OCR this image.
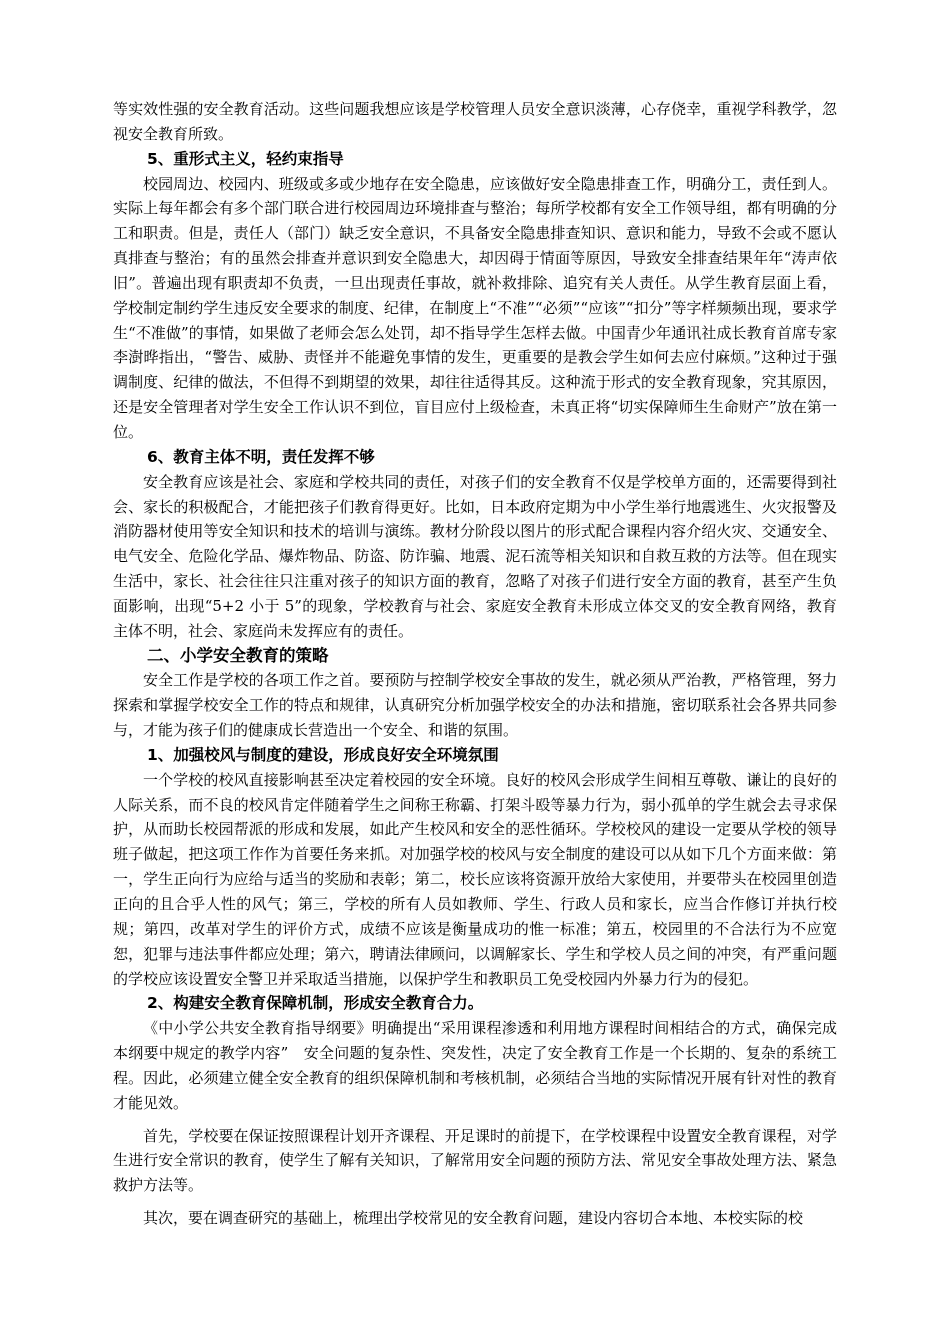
等实效性强的安全教育活动。这些问题我想应该是学校管理人员安全意识淡薄，心存侥幸，重视学科教学，忽视安全教育所致。

5、重形式主义，轻约束指导

校园周边、校园内、班级或多或少地存在安全隐患，应该做好安全隐患排查工作，明确分工，责任到人。实际上每年都会有多个部门联合进行校园周边环境排查与整治；每所学校都有安全工作领导组，都有明确的分工和职责。但是，责任人（部门）缺乏安全意识，不具备安全隐患排查知识、意识和能力，导致不会或不愿认真排查与整治；有的虽然会排查并意识到安全隐患大，却因碍于情面等原因，导致安全排查结果年年“涛声依旧”。普遍出现有职责却不负责，一旦出现责任事故，就补救排除、追究有关人责任。从学生教育层面上看，学校制定制约学生违反安全要求的制度、纪律，在制度上“不准”“必须”“应该”“扣分”等字样频频出现，要求学生“不准做”的事情，如果做了老师会怎么处罚，却不指导学生怎样去做。中国青少年通讯社成长教育首席专家李澍晔指出，“警告、威胁、责怪并不能避免事情的发生，更重要的是教会学生如何去应付麻烦。”这种过于强调制度、纪律的做法，不但得不到期望的效果，却往往适得其反。这种流于形式的安全教育现象，究其原因，还是安全管理者对学生安全工作认识不到位，盲目应付上级检查，未真正将“切实保障师生生命财产”放在第一位。

6、教育主体不明，责任发挥不够

安全教育应该是社会、家庭和学校共同的责任，对孩子们的安全教育不仅是学校单方面的，还需要得到社会、家长的积极配合，才能把孩子们教育得更好。比如，日本政府定期为中小学生举行地震逃生、火灾报警及消防器材使用等安全知识和技术的培训与演练。教材分阶段以图片的形式配合课程内容介绍火灾、交通安全、电气安全、危险化学品、爆炸物品、防盗、防诈骗、地震、泥石流等相关知识和自救互救的方法等。但在现实生活中，家长、社会往往只注重对孩子的知识方面的教育，忽略了对孩子们进行安全方面的教育，甚至产生负面影响，出现“5+2 小于 5”的现象，学校教育与社会、家庭安全教育未形成立体交叉的安全教育网络，教育主体不明，社会、家庭尚未发挥应有的责任。

二、小学安全教育的策略

安全工作是学校的各项工作之首。要预防与控制学校安全事故的发生，就必须从严治教，严格管理，努力探索和掌握学校安全工作的特点和规律，认真研究分析加强学校安全的办法和措施，密切联系社会各界共同参与，才能为孩子们的健康成长营造出一个安全、和谐的氛围。

1、加强校风与制度的建设，形成良好安全环境氛围

一个学校的校风直接影响甚至决定着校园的安全环境。良好的校风会形成学生间相互尊敬、谦让的良好的人际关系，而不良的校风肯定伴随着学生之间称王称霸、打架斗殴等暴力行为，弱小孤单的学生就会去寻求保护，从而助长校园帮派的形成和发展，如此产生校风和安全的恶性循环。学校校风的建设一定要从学校的领导班子做起，把这项工作作为首要任务来抓。对加强学校的校风与安全制度的建设可以从如下几个方面来做：第一，学生正向行为应给与适当的奖励和表彰；第二，校长应该将资源开放给大家使用，并要带头在校园里创造正向的且合乎人性的风气；第三，学校的所有人员如教师、学生、行政人员和家长，应当合作修订并执行校规；第四，改革对学生的评价方式，成绩不应该是衡量成功的惟一标准；第五，校园里的不合法行为不应宽恕，犯罪与违法事件都应处理；第六，聘请法律顾问，以调解家长、学生和学校人员之间的冲突，有严重问题的学校应该设置安全警卫并采取适当措施，以保护学生和教职员工免受校园内外暴力行为的侵犯。

2、构建安全教育保障机制，形成安全教育合力。

《中小学公共安全教育指导纲要》明确提出“采用课程渗透和利用地方课程时间相结合的方式，确保完成本纲要中规定的教学内容”　安全问题的复杂性、突发性，决定了安全教育工作是一个长期的、复杂的系统工程。因此，必须建立健全安全教育的组织保障机制和考核机制，必须结合当地的实际情况开展有针对性的教育才能见效。

首先，学校要在保证按照课程计划开齐课程、开足课时的前提下，在学校课程中设置安全教育课程，对学生进行安全常识的教育，使学生了解有关知识，了解常用安全问题的预防方法、常见安全事故处理方法、紧急救护方法等。

其次，要在调查研究的基础上，梳理出学校常见的安全教育问题，建设内容切合本地、本校实际的校
